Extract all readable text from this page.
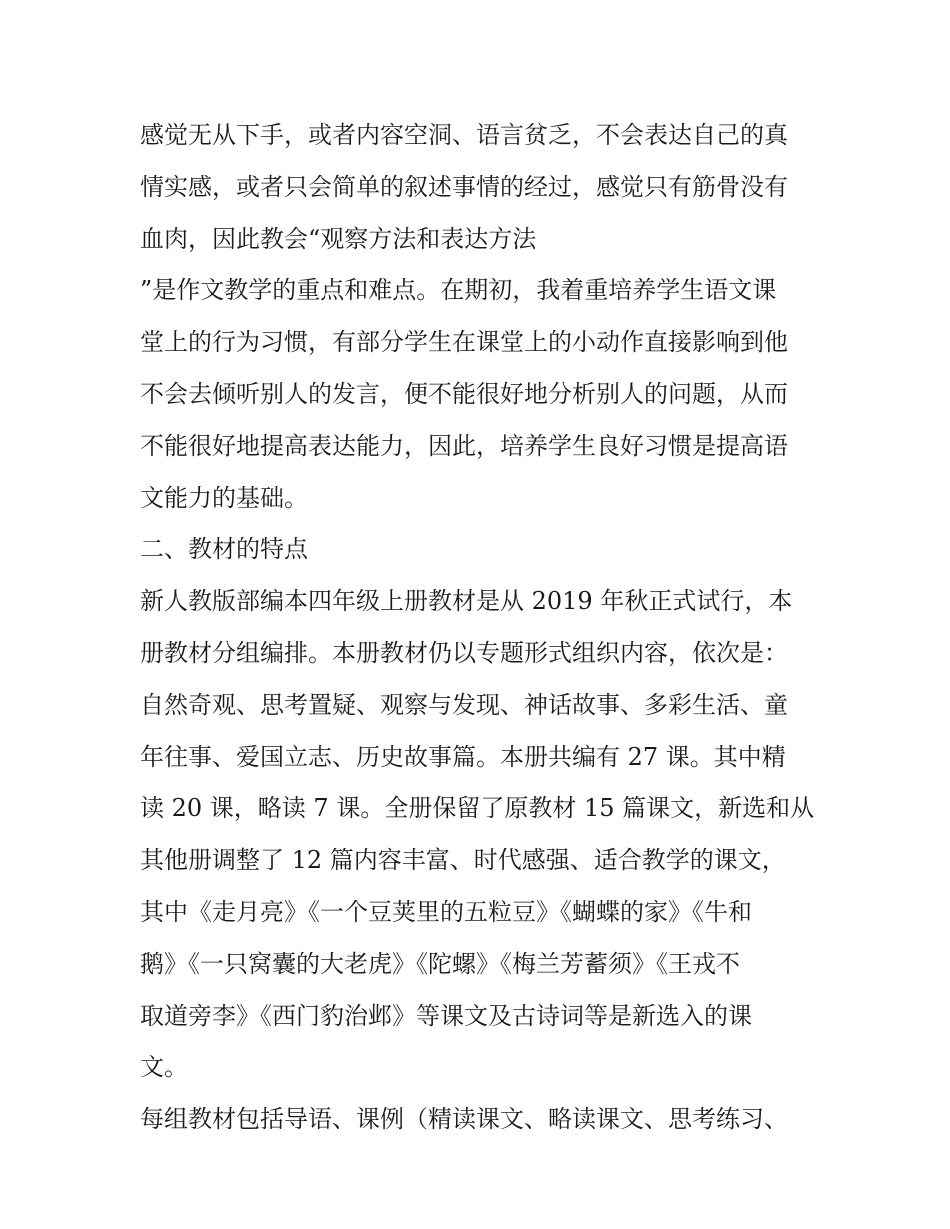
感觉无从下手，或者内容空洞、语言贫乏，不会表达自己的真
情实感，或者只会简单的叙述事情的经过，感觉只有筋骨没有
血肉，因此教会“观察方法和表达方法
”是作文教学的重点和难点。在期初，我着重培养学生语文课
堂上的行为习惯，有部分学生在课堂上的小动作直接影响到他
不会去倾听别人的发言，便不能很好地分析别人的问题，从而
不能很好地提高表达能力，因此，培养学生良好习惯是提高语
文能力的基础。
二、教材的特点
新人教版部编本四年级上册教材是从 2019 年秋正式试行，本
册教材分组编排。本册教材仍以专题形式组织内容，依次是：
自然奇观、思考置疑、观察与发现、神话故事、多彩生活、童
年往事、爱国立志、历史故事篇。本册共编有 27 课。其中精
读 20 课，略读 7 课。全册保留了原教材 15 篇课文，新选和从
其他册调整了 12 篇内容丰富、时代感强、适合教学的课文，
其中《走月亮》《一个豆荚里的五粒豆》《蝴蝶的家》《牛和
鹅》《一只窝囊的大老虎》《陀螺》《梅兰芳蓄须》《王戎不
取道旁李》《西门豹治邺》等课文及古诗词等是新选入的课
文。
每组教材包括导语、课例（精读课文、略读课文、思考练习、
